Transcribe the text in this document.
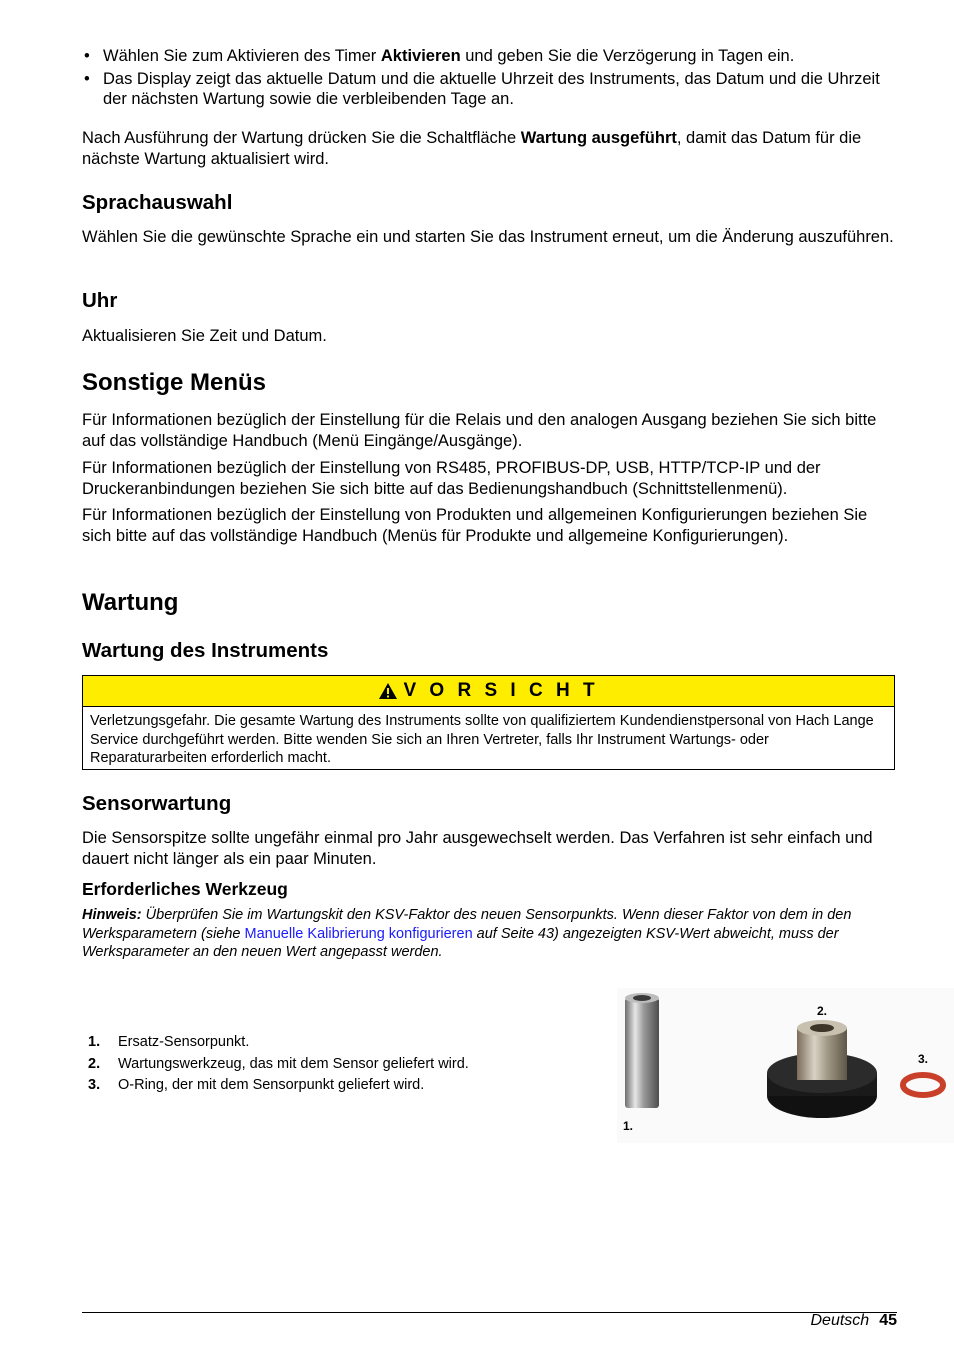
• Wählen Sie zum Aktivieren des Timer Aktivieren und geben Sie die Verzögerung in Tagen ein.
• Das Display zeigt das aktuelle Datum und die aktuelle Uhrzeit des Instruments, das Datum und die Uhrzeit der nächsten Wartung sowie die verbleibenden Tage an.

Nach Ausführung der Wartung drücken Sie die Schaltfläche Wartung ausgeführt, damit das Datum für die nächste Wartung aktualisiert wird.

Sprachauswahl

Wählen Sie die gewünschte Sprache ein und starten Sie das Instrument erneut, um die Änderung auszuführen.

Uhr

Aktualisieren Sie Zeit und Datum.

Sonstige Menüs

Für Informationen bezüglich der Einstellung für die Relais und den analogen Ausgang beziehen Sie sich bitte auf das vollständige Handbuch (Menü Eingänge/Ausgänge).

Für Informationen bezüglich der Einstellung von RS485, PROFIBUS-DP, USB, HTTP/TCP-IP und der Druckeranbindungen beziehen Sie sich bitte auf das Bedienungshandbuch (Schnittstellenmenü).

Für Informationen bezüglich der Einstellung von Produkten und allgemeinen Konfigurierungen beziehen Sie sich bitte auf das vollständige Handbuch (Menüs für Produkte und allgemeine Konfigurierungen).

Wartung
Wartung des Instruments
V O R S I C H T
Verletzungsgefahr. Die gesamte Wartung des Instruments sollte von qualifiziertem Kundendienstpersonal von Hach Lange Service durchgeführt werden. Bitte wenden Sie sich an Ihren Vertreter, falls Ihr Instrument Wartungs- oder Reparaturarbeiten erforderlich macht.
Sensorwartung

Die Sensorspitze sollte ungefähr einmal pro Jahr ausgewechselt werden. Das Verfahren ist sehr einfach und dauert nicht länger als ein paar Minuten.

Erforderliches Werkzeug

Hinweis: Überprüfen Sie im Wartungskit den KSV-Faktor des neuen Sensorpunkts. Wenn dieser Faktor von dem in den Werksparametern (siehe Manuelle Kalibrierung konfigurieren auf Seite 43) angezeigten KSV-Wert abweicht, muss der Werksparameter an den neuen Wert angepasst werden.

1.	Ersatz-Sensorpunkt.
2.	Wartungswerkzeug, das mit dem Sensor geliefert wird.
3.	O-Ring, der mit dem Sensorpunkt geliefert wird.
1.
2.
3.
Deutsch 45
